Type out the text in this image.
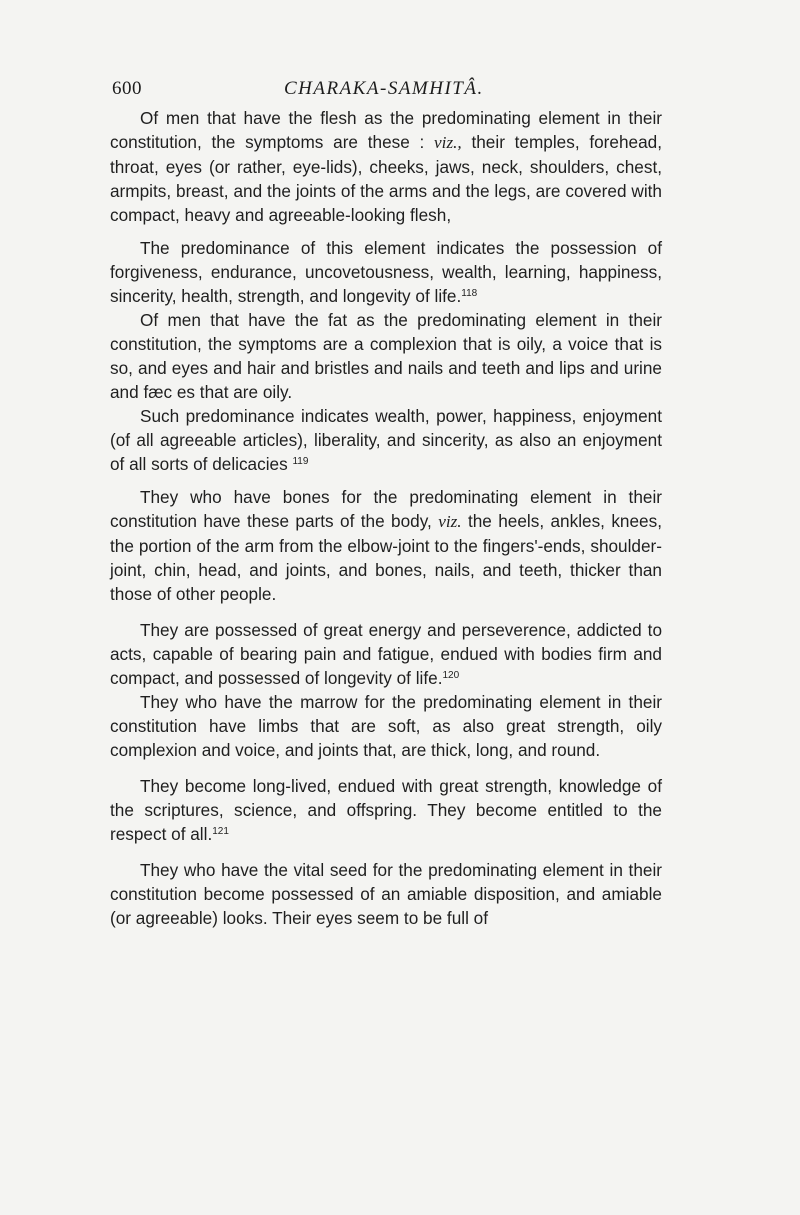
600	CHARAKA-SAMHITÂ.

Of men that have the flesh as the predominating element in their constitution, the symptoms are these : viz., their temples, forehead, throat, eyes (or rather, eye-lids), cheeks, jaws, neck, shoulders, chest, armpits, breast, and the joints of the arms and the legs, are covered with compact, heavy and agreeable-looking flesh,

The predominance of this element indicates the possession of forgiveness, endurance, uncovetousness, wealth, learning, happiness, sincerity, health, strength, and longevity of life.$^{118}$

Of men that have the fat as the predominating element in their constitution, the symptoms are a complexion that is oily, a voice that is so, and eyes and hair and bristles and nails and teeth and lips and urine and fæc es that are oily.

Such predominance indicates wealth, power, happiness, enjoyment (of all agreeable articles), liberality, and sincerity, as also an enjoyment of all sorts of delicacies $^{119}$

They who have bones for the predominating element in their constitution have these parts of the body, viz. the heels, ankles, knees, the portion of the arm from the elbow-joint to the fingers'-ends, shoulder-joint, chin, head, and joints, and bones, nails, and teeth, thicker than those of other people.

They are possessed of great energy and perseverence, addicted to acts, capable of bearing pain and fatigue, endued with bodies firm and compact, and possessed of longevity of life.$^{120}$

They who have the marrow for the predominating element in their constitution have limbs that are soft, as also great strength, oily complexion and voice, and joints that, are thick, long, and round.

They become long-lived, endued with great strength, knowledge of the scriptures, science, and offspring. They become entitled to the respect of all.$^{121}$

They who have the vital seed for the predominating element in their constitution become possessed of an amiable disposition, and amiable (or agreeable) looks. Their eyes seem to be full of
